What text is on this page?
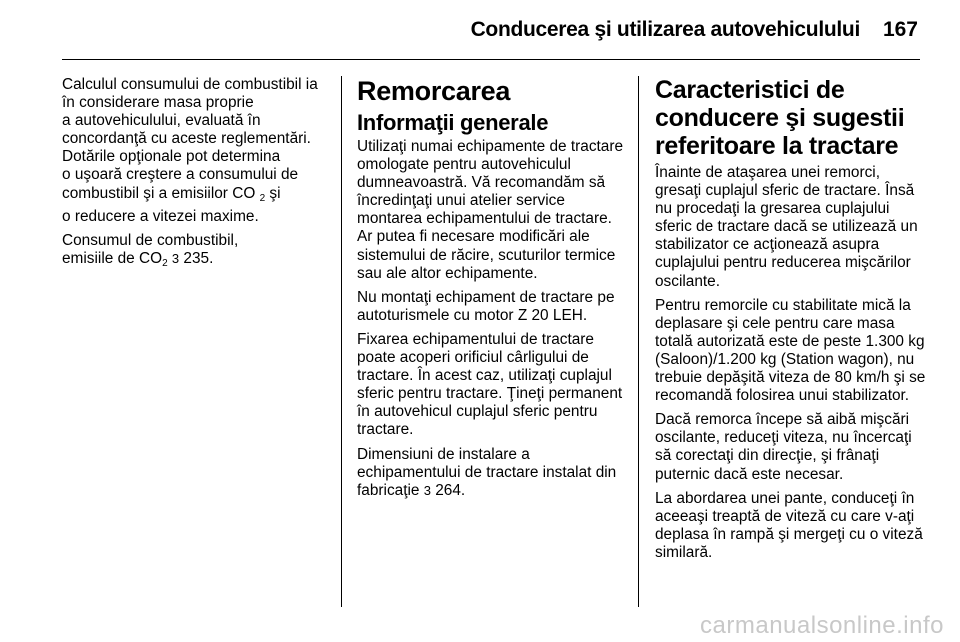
Conducerea şi utilizarea autovehiculului 167

Calculul consumului de combustibil ia
în considerare masa proprie
a autovehiculului, evaluată în
concordanţă cu aceste reglementări.
Dotările opţionale pot determina
o uşoară creştere a consumului de
combustibil şi a emisiilor CO $_2$ şi
o reducere a vitezei maxime.

Consumul de combustibil,
emisiile de $CO_2$ 3 235.

Remorcarea
Informaţii generale

Utilizaţi numai echipamente de tractare omologate pentru autovehiculul dumneavoastră. Vă recomandăm să încredinţaţi unui atelier service montarea echipamentului de tractare. Ar putea fi necesare modificări ale sistemului de răcire, scuturilor termice sau ale altor echipamente.

Nu montaţi echipament de tractare pe autoturismele cu motor Z 20 LEH.

Fixarea echipamentului de tractare poate acoperi orificiul cârligului de tractare. În acest caz, utilizaţi cuplajul sferic pentru tractare. Ţineţi permanent în autovehicul cuplajul sferic pentru tractare.

Dimensiuni de instalare a echipamentului de tractare instalat din fabricaţie 3 264.

Caracteristici de
conducere şi sugestii
referitoare la tractare

Înainte de ataşarea unei remorci, gresaţi cuplajul sferic de tractare. Însă nu procedaţi la gresarea cuplajului sferic de tractare dacă se utilizează un stabilizator ce acţionează asupra cuplajului pentru reducerea mişcărilor oscilante.

Pentru remorcile cu stabilitate mică la deplasare şi cele pentru care masa totală autorizată este de peste 1.300 kg (Saloon)/1.200 kg (Station wagon), nu trebuie depăşită viteza de 80 km/h şi se recomandă folosirea unui stabilizator.

Dacă remorca începe să aibă mişcări oscilante, reduceţi viteza, nu încercaţi să corectaţi din direcţie, şi frânaţi puternic dacă este necesar.

La abordarea unei pante, conduceţi în aceeaşi treaptă de viteză cu care v-aţi deplasa în rampă şi mergeţi cu o viteză similară.

carmanualsonline.info
